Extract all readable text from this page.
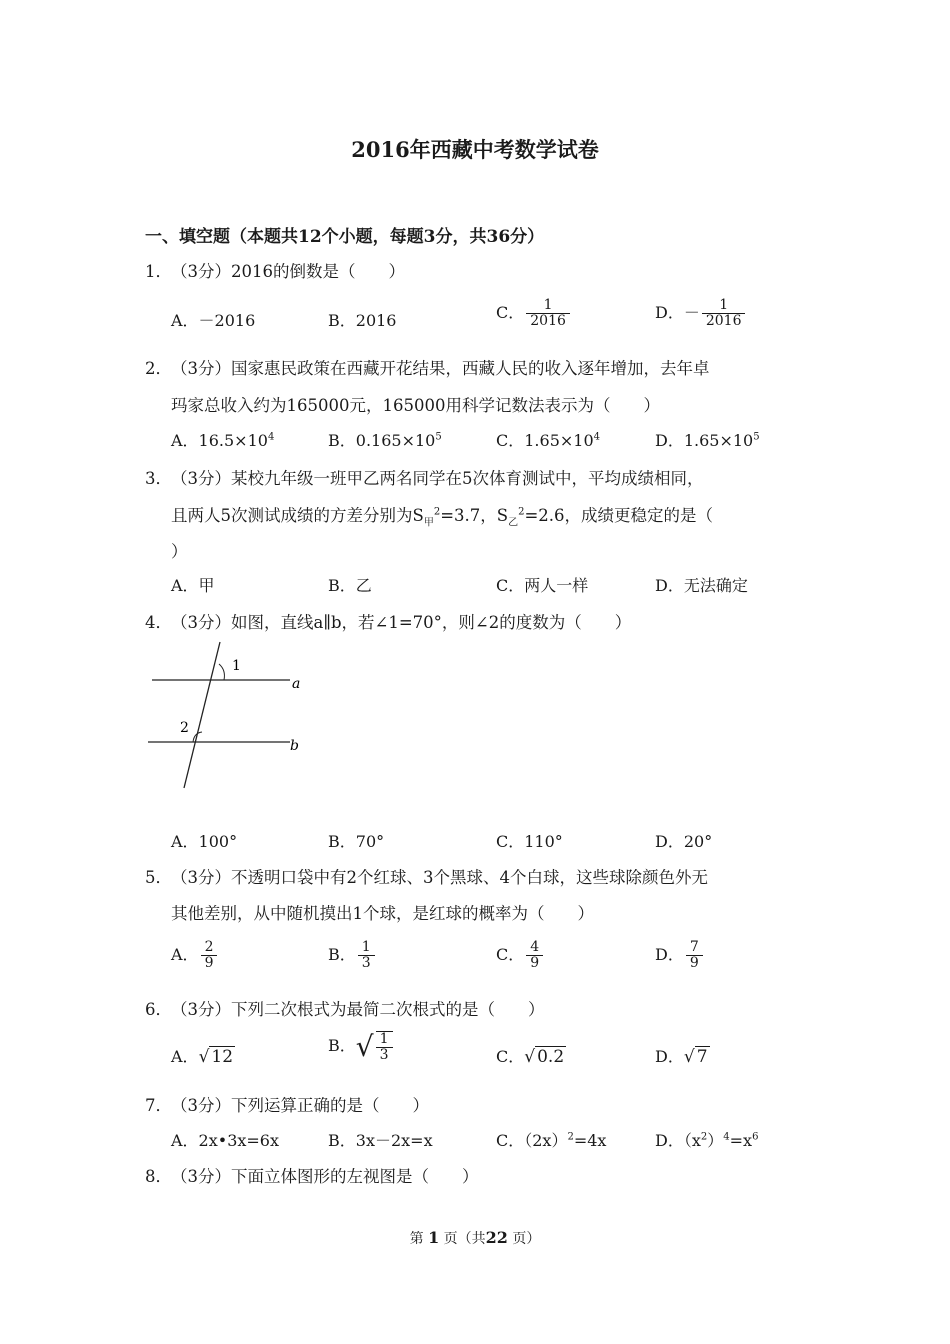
2016年西藏中考数学试卷
一、填空题（本题共12个小题，每题3分，共36分）
1．（3分）2016的倒数是（　　）
A．－2016	B．2016	C． $\frac{1}{2016}$	D．－ $\frac{1}{2016}$
2．（3分）国家惠民政策在西藏开花结果，西藏人民的收入逐年增加，去年卓
玛家总收入约为165000元，165000用科学记数法表示为（　　）
A．$16.5\times 10^4$	B．$0.165\times 10^5$	C．$1.65\times 10^4$	D．$1.65\times 10^5$
3．（3分）某校九年级一班甲乙两名同学在5次体育测试中，平均成绩相同，
且两人5次测试成绩的方差分别为$S_甲^2=3.7$，$S_乙^2=2.6$，成绩更稳定的是（
）
A．甲	B．乙	C．两人一样	D．无法确定
4．（3分）如图，直线a∥b，若∠1=70°，则∠2的度数为（　　）
1
2
a
b
A．100°	B．70°	C．110°	D．20°
5．（3分）不透明口袋中有2个红球、3个黑球、4个白球，这些球除颜色外无
其他差别，从中随机摸出1个球，是红球的概率为（　　）
A． $\frac{2}{9}$	B． $\frac{1}{3}$	C． $\frac{4}{9}$	D． $\frac{7}{9}$
6．（3分）下列二次根式为最简二次根式的是（　　）
A．√ 12
B．√ $\frac{1}{3}$	C．√ 0.2	D．√ 7
7．（3分）下列运算正确的是（　　）
A．2x•3x=6x	B．3x－2x=x	C．$(2x)^2=4x$	D．$(x^2)^4=x^6$
8．（3分）下面立体图形的左视图是（　　）
第 1 页（共22 页）
